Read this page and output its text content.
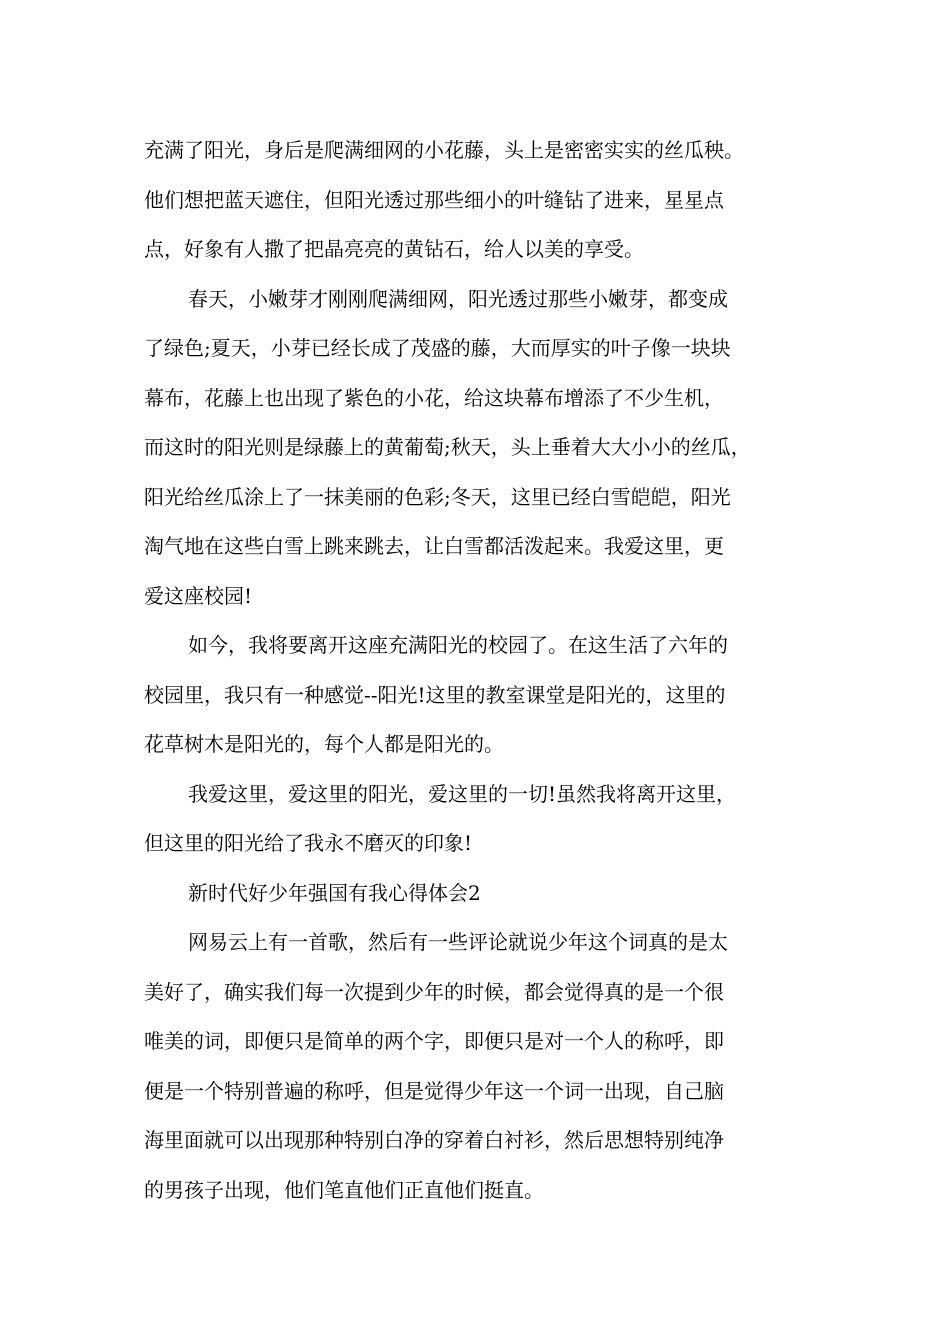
充满了阳光，身后是爬满细网的小花藤，头上是密密实实的丝瓜秧。
他们想把蓝天遮住，但阳光透过那些细小的叶缝钻了进来，星星点
点，好象有人撒了把晶亮亮的黄钻石，给人以美的享受。
春天，小嫩芽才刚刚爬满细网，阳光透过那些小嫩芽，都变成
了绿色;夏天，小芽已经长成了茂盛的藤，大而厚实的叶子像一块块
幕布，花藤上也出现了紫色的小花，给这块幕布增添了不少生机，
而这时的阳光则是绿藤上的黄葡萄;秋天，头上垂着大大小小的丝瓜，
阳光给丝瓜涂上了一抹美丽的色彩;冬天，这里已经白雪皑皑，阳光
淘气地在这些白雪上跳来跳去，让白雪都活泼起来。我爱这里，更
爱这座校园!
如今，我将要离开这座充满阳光的校园了。在这生活了六年的
校园里，我只有一种感觉--阳光!这里的教室课堂是阳光的，这里的
花草树木是阳光的，每个人都是阳光的。
我爱这里，爱这里的阳光，爱这里的一切!虽然我将离开这里，
但这里的阳光给了我永不磨灭的印象!
新时代好少年强国有我心得体会2
网易云上有一首歌，然后有一些评论就说少年这个词真的是太
美好了，确实我们每一次提到少年的时候，都会觉得真的是一个很
唯美的词，即便只是简单的两个字，即便只是对一个人的称呼，即
便是一个特别普遍的称呼，但是觉得少年这一个词一出现，自己脑
海里面就可以出现那种特别白净的穿着白衬衫，然后思想特别纯净
的男孩子出现，他们笔直他们正直他们挺直。
